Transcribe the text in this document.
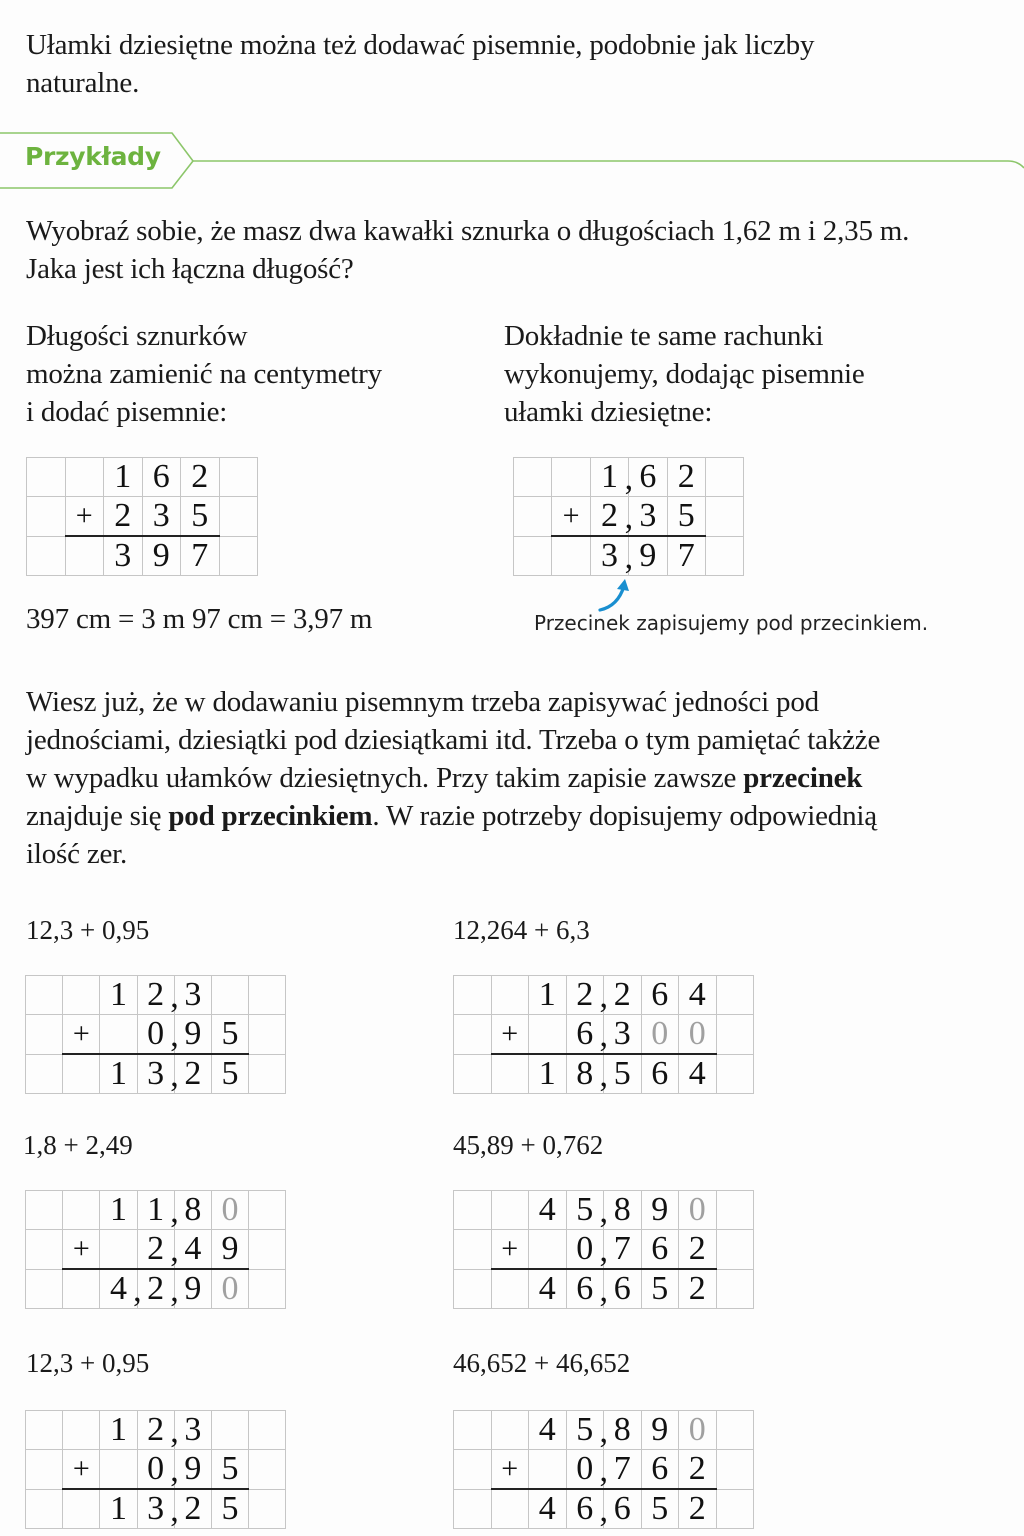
Ułamki dziesiętne można też dodawać pisemnie, podobnie jak liczby
naturalne.
Przykłady
Wyobraź sobie, że masz dwa kawałki sznurka o długościach 1,62 m i 2,35 m.
Jaka jest ich łączna długość?
Długości sznurków
można zamienić na centymetry
i dodać pisemnie:
Dokładnie te same rachunki
wykonujemy, dodając pisemnie
ułamki dziesiętne:
397 cm = 3 m 97 cm = 3,97 m	Przecinek zapisujemy pod przecinkiem.
Wiesz już, że w dodawaniu pisemnym trzeba zapisywać jedności pod
jednościami, dziesiątki pod dziesiątkami itd. Trzeba o tym pamiętać takżże
w wypadku ułamków dziesiętnych. Przy takim zapisie zawsze przecinek
znajduje się pod przecinkiem. W razie potrzeby dopisujemy odpowiednią
ilość zer.
		1	6	2	
	+	2	3	5	
		3	9	7	
		1 ,	6	2	
	+	2 ,	3	5	
		3 ,	9	7	
12,3 + 0,95
		1	2 ,	3		
	+		0 ,	9	5	
		1	3 ,	2	5	
12,264 + 6,3
		1	2 ,	2	6	4	
	+		6 ,	3	0	0	
		1	8 ,	5	6	4	
1,8 + 2,49
		1	1 ,	8	0	
	+		2 ,	4	9	
		4 ,	2 ,	9	0	
45,89 + 0,762
		4	5 ,	8	9	0	
	+		0 ,	7	6	2	
		4	6 ,	6	5	2	
12,3 + 0,95
		1	2 ,	3		
	+		0 ,	9	5	
		1	3 ,	2	5	
46,652 + 46,652
		4	5 ,	8	9	0	
	+		0 ,	7	6	2	
		4	6 ,	6	5	2	
